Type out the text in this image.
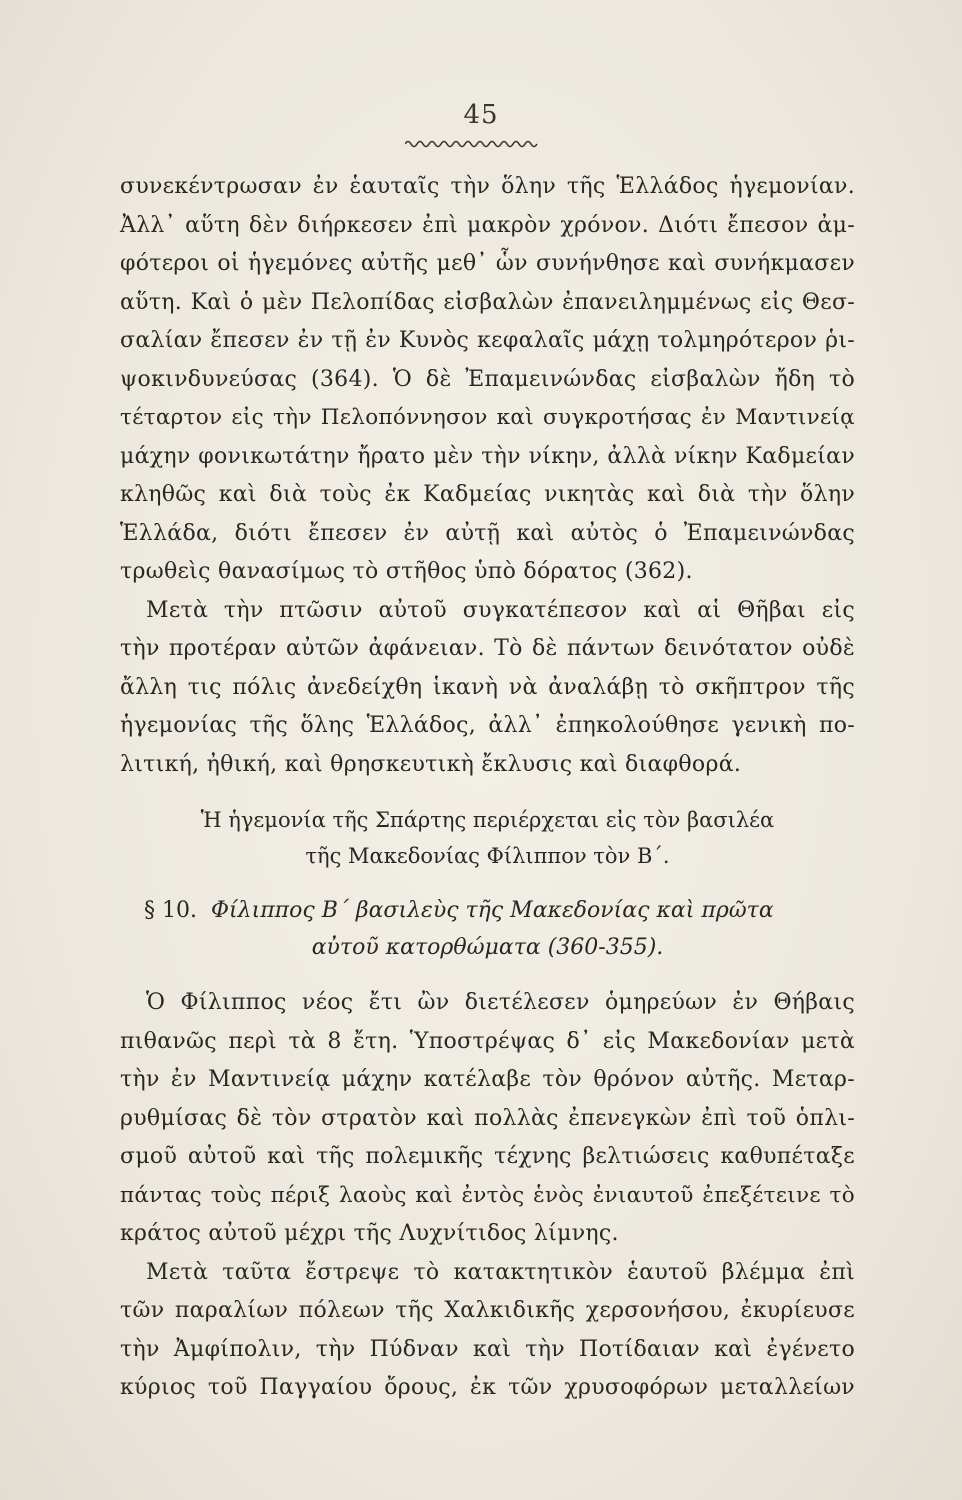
45
συνεκέντρωσαν ἐν ἑαυταῖς τὴν ὅλην τῆς Ἑλλάδος ἡγεμονίαν.
Ἀλλ᾽ αὕτη δὲν διήρκεσεν ἐπὶ μακρὸν χρόνον. Διότι ἔπεσον ἀμ-
φότεροι οἱ ἡγεμόνες αὐτῆς μεθ᾽ ὧν συνήνθησε καὶ συνήκμασεν
αὕτη. Καὶ ὁ μὲν Πελοπίδας εἰσβαλὼν ἐπανειλημμένως εἰς Θεσ-
σαλίαν ἔπεσεν ἐν τῇ ἐν Κυνὸς κεφαλαῖς μάχῃ τολμηρότερον ῥι-
ψοκινδυνεύσας (364). Ὁ δὲ Ἐπαμεινώνδας εἰσβαλὼν ἤδη τὸ
τέταρτον εἰς τὴν Πελοπόννησον καὶ συγκροτήσας ἐν Μαντινείᾳ
μάχην φονικωτάτην ἤρατο μὲν τὴν νίκην, ἀλλὰ νίκην Καδμείαν
κληθῶς καὶ διὰ τοὺς ἐκ Καδμείας νικητὰς καὶ διὰ τὴν ὅλην
Ἑλλάδα, διότι ἔπεσεν ἐν αὐτῇ καὶ αὐτὸς ὁ Ἐπαμεινώνδας
τρωθεὶς θανασίμως τὸ στῆθος ὑπὸ δόρατος (362).
Μετὰ τὴν πτῶσιν αὐτοῦ συγκατέπεσον καὶ αἱ Θῆβαι εἰς
τὴν προτέραν αὐτῶν ἀφάνειαν. Τὸ δὲ πάντων δεινότατον οὐδὲ
ἄλλη τις πόλις ἀνεδείχθη ἱκανὴ νὰ ἀναλάβῃ τὸ σκῆπτρον τῆς
ἡγεμονίας τῆς ὅλης Ἑλλάδος, ἀλλ᾽ ἐπηκολούθησε γενικὴ πο-
λιτική, ἠθική, καὶ θρησκευτικὴ ἔκλυσις καὶ διαφθορά.
Ἡ ἡγεμονία τῆς Σπάρτης περιέρχεται εἰς τὸν βασιλέα
τῆς Μακεδονίας Φίλιππον τὸν Β΄.
§ 10. Φίλιππος Β΄ βασιλεὺς τῆς Μακεδονίας καὶ πρῶτα
αὐτοῦ κατορθώματα (360-355).
Ὁ Φίλιππος νέος ἔτι ὢν διετέλεσεν ὁμηρεύων ἐν Θήβαις
πιθανῶς περὶ τὰ 8 ἔτη. Ὑποστρέψας δ᾽ εἰς Μακεδονίαν μετὰ
τὴν ἐν Μαντινείᾳ μάχην κατέλαβε τὸν θρόνον αὐτῆς. Μεταρ-
ρυθμίσας δὲ τὸν στρατὸν καὶ πολλὰς ἐπενεγκὼν ἐπὶ τοῦ ὁπλι-
σμοῦ αὐτοῦ καὶ τῆς πολεμικῆς τέχνης βελτιώσεις καθυπέταξε
πάντας τοὺς πέριξ λαοὺς καὶ ἐντὸς ἑνὸς ἐνιαυτοῦ ἐπεξέτεινε τὸ
κράτος αὐτοῦ μέχρι τῆς Λυχνίτιδος λίμνης.
Μετὰ ταῦτα ἔστρεψε τὸ κατακτητικὸν ἑαυτοῦ βλέμμα ἐπὶ
τῶν παραλίων πόλεων τῆς Χαλκιδικῆς χερσονήσου, ἐκυρίευσε
τὴν Ἀμφίπολιν, τὴν Πύδναν καὶ τὴν Ποτίδαιαν καὶ ἐγένετο
κύριος τοῦ Παγγαίου ὄρους, ἐκ τῶν χρυσοφόρων μεταλλείων
